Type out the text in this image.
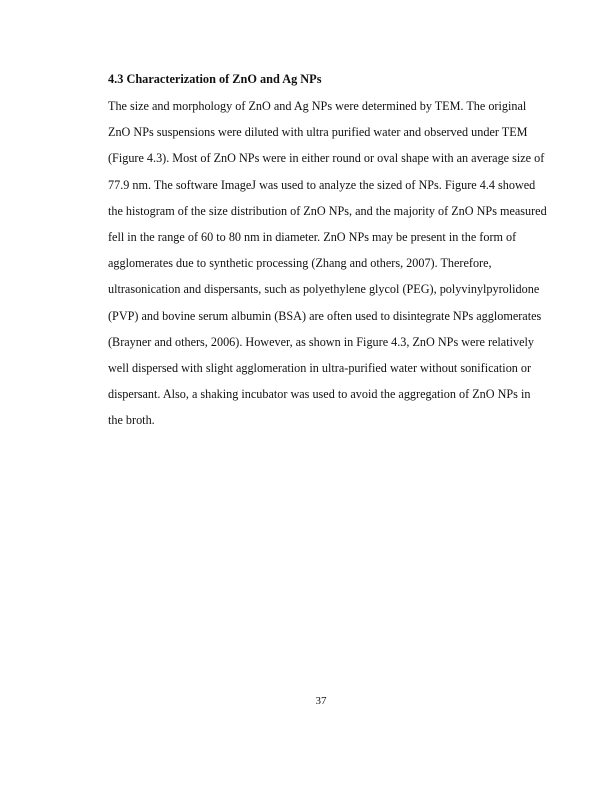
4.3 Characterization of ZnO and Ag NPs
The size and morphology of ZnO and Ag NPs were determined by TEM. The original
ZnO NPs suspensions were diluted with ultra purified water and observed under TEM
(Figure 4.3). Most of ZnO NPs were in either round or oval shape with an average size of
77.9 nm. The software ImageJ was used to analyze the sized of NPs. Figure 4.4 showed
the histogram of the size distribution of ZnO NPs, and the majority of ZnO NPs measured
fell in the range of 60 to 80 nm in diameter. ZnO NPs may be present in the form of
agglomerates due to synthetic processing (Zhang and others, 2007). Therefore,
ultrasonication and dispersants, such as polyethylene glycol (PEG), polyvinylpyrolidone
(PVP) and bovine serum albumin (BSA) are often used to disintegrate NPs agglomerates
(Brayner and others, 2006). However, as shown in Figure 4.3, ZnO NPs were relatively
well dispersed with slight agglomeration in ultra-purified water without sonification or
dispersant. Also, a shaking incubator was used to avoid the aggregation of ZnO NPs in
the broth.
37
